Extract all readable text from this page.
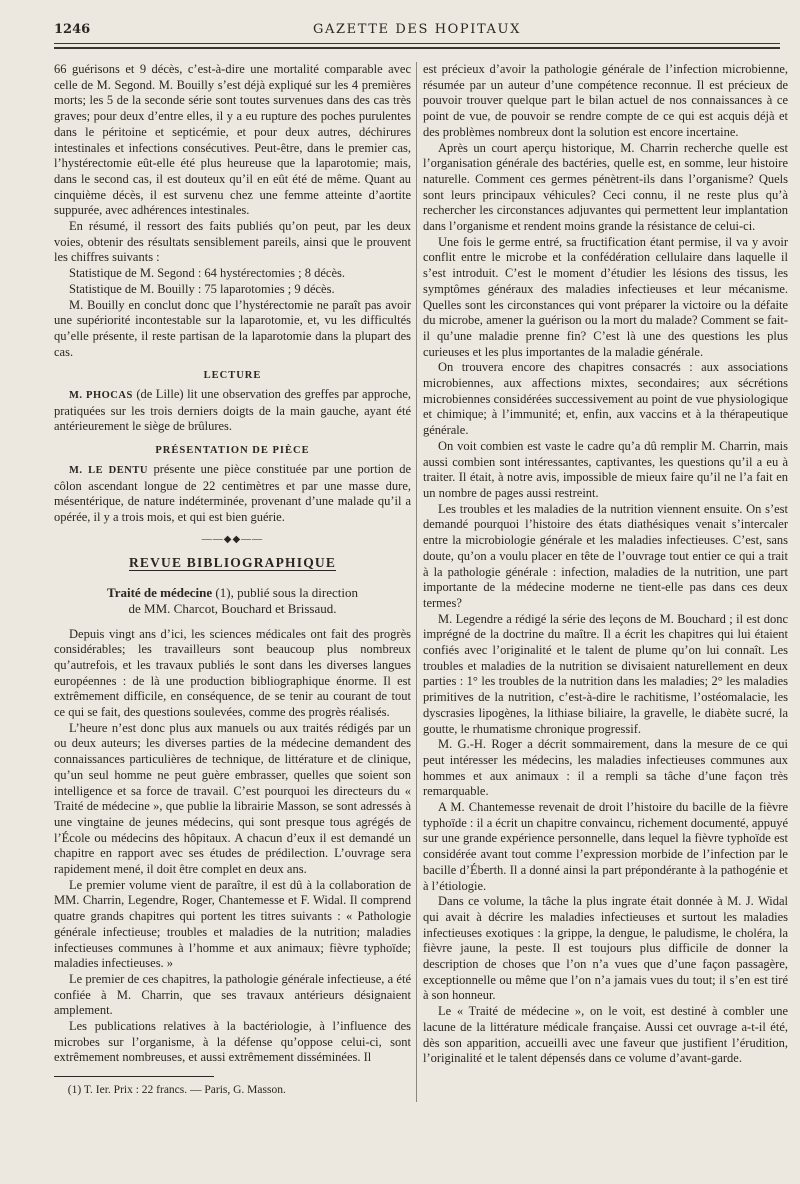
1246	GAZETTE DES HOPITAUX

66 guérisons et 9 décès, c’est-à-dire une mortalité comparable avec celle de M. Segond. M. Bouilly s’est déjà expliqué sur les 4 premières morts; les 5 de la seconde série sont toutes survenues dans des cas très graves; pour deux d’entre elles, il y a eu rupture des poches purulentes dans le péritoine et septicémie, et pour deux autres, déchirures intestinales et infections consécutives. Peut-être, dans le premier cas, l’hystérectomie eût-elle été plus heureuse que la laparotomie; mais, dans le second cas, il est douteux qu’il en eût été de même. Quant au cinquième décès, il est survenu chez une femme atteinte d’aortite suppurée, avec adhérences intestinales.

En résumé, il ressort des faits publiés qu’on peut, par les deux voies, obtenir des résultats sensiblement pareils, ainsi que le prouvent les chiffres suivants :

Statistique de M. Segond : 64 hystérectomies ; 8 décès.

Statistique de M. Bouilly : 75 laparotomies ; 9 décès.

M. Bouilly en conclut donc que l’hystérectomie ne paraît pas avoir une supériorité incontestable sur la laparotomie, et, vu les difficultés qu’elle présente, il reste partisan de la laparotomie dans la plupart des cas.

LECTURE

M. PHOCAS (de Lille) lit une observation des greffes par approche, pratiquées sur les trois derniers doigts de la main gauche, ayant été antérieurement le siège de brûlures.

PRÉSENTATION DE PIÈCE

M. LE DENTU présente une pièce constituée par une portion de côlon ascendant longue de 22 centimètres et par une masse dure, mésentérique, de nature indéterminée, provenant d’une malade qu’il a opérée, il y a trois mois, et qui est bien guérie.

——◆◆——
REVUE BIBLIOGRAPHIQUE
Traité de médecine (1), publié sous la direction
de MM. Charcot, Bouchard et Brissaud.

Depuis vingt ans d’ici, les sciences médicales ont fait des progrès considérables; les travailleurs sont beaucoup plus nombreux qu’autrefois, et les travaux publiés le sont dans les diverses langues européennes : de là une production bibliographique énorme. Il est extrêmement difficile, en conséquence, de se tenir au courant de tout ce qui se fait, des questions soulevées, comme des progrès réalisés.

L’heure n’est donc plus aux manuels ou aux traités rédigés par un ou deux auteurs; les diverses parties de la médecine demandent des connaissances particulières de technique, de littérature et de clinique, qu’un seul homme ne peut guère embrasser, quelles que soient son intelligence et sa force de travail. C’est pourquoi les directeurs du « Traité de médecine », que publie la librairie Masson, se sont adressés à une vingtaine de jeunes médecins, qui sont presque tous agrégés de l’École ou médecins des hôpitaux. A chacun d’eux il est demandé un chapitre en rapport avec ses études de prédilection. L’ouvrage sera rapidement mené, il doit être complet en deux ans.

Le premier volume vient de paraître, il est dû à la collaboration de MM. Charrin, Legendre, Roger, Chantemesse et F. Widal. Il comprend quatre grands chapitres qui portent les titres suivants : « Pathologie générale infectieuse; troubles et maladies de la nutrition; maladies infectieuses communes à l’homme et aux animaux; fièvre typhoïde; maladies infectieuses. »

Le premier de ces chapitres, la pathologie générale infectieuse, a été confiée à M. Charrin, que ses travaux antérieurs désignaient amplement.

Les publications relatives à la bactériologie, à l’influence des microbes sur l’organisme, à la défense qu’oppose celui-ci, sont extrêmement nombreuses, et aussi extrêmement disséminées. Il

(1) T. Ier. Prix : 22 francs. — Paris, G. Masson.

est précieux d’avoir la pathologie générale de l’infection microbienne, résumée par un auteur d’une compétence reconnue. Il est précieux de pouvoir trouver quelque part le bilan actuel de nos connaissances à ce point de vue, de pouvoir se rendre compte de ce qui est acquis déjà et des problèmes nombreux dont la solution est encore incertaine.

Après un court aperçu historique, M. Charrin recherche quelle est l’organisation générale des bactéries, quelle est, en somme, leur histoire naturelle. Comment ces germes pénètrent-ils dans l’organisme? Quels sont leurs principaux véhicules? Ceci connu, il ne reste plus qu’à rechercher les circonstances adjuvantes qui permettent leur implantation dans l’organisme et rendent moins grande la résistance de celui-ci.

Une fois le germe entré, sa fructification étant permise, il va y avoir conflit entre le microbe et la confédération cellulaire dans laquelle il s’est introduit. C’est le moment d’étudier les lésions des tissus, les symptômes généraux des maladies infectieuses et leur mécanisme. Quelles sont les circonstances qui vont préparer la victoire ou la défaite du microbe, amener la guérison ou la mort du malade? Comment se fait-il qu’une maladie prenne fin? C’est là une des questions les plus curieuses et les plus importantes de la maladie générale.

On trouvera encore des chapitres consacrés : aux associations microbiennes, aux affections mixtes, secondaires; aux sécrétions microbiennes considérées successivement au point de vue physiologique et chimique; à l’immunité; et, enfin, aux vaccins et à la thérapeutique générale.

On voit combien est vaste le cadre qu’a dû remplir M. Charrin, mais aussi combien sont intéressantes, captivantes, les questions qu’il a eu à traiter. Il était, à notre avis, impossible de mieux faire qu’il ne l’a fait en un nombre de pages aussi restreint.

Les troubles et les maladies de la nutrition viennent ensuite. On s’est demandé pourquoi l’histoire des états diathésiques venait s’intercaler entre la microbiologie générale et les maladies infectieuses. C’est, sans doute, qu’on a voulu placer en tête de l’ouvrage tout entier ce qui a trait à la pathologie générale : infection, maladies de la nutrition, une part importante de la médecine moderne ne tient-elle pas dans ces deux termes?

M. Legendre a rédigé la série des leçons de M. Bouchard ; il est donc imprégné de la doctrine du maître. Il a écrit les chapitres qui lui étaient confiés avec l’originalité et le talent de plume qu’on lui connaît. Les troubles et maladies de la nutrition se divisaient naturellement en deux parties : 1° les troubles de la nutrition dans les maladies; 2° les maladies primitives de la nutrition, c’est-à-dire le rachitisme, l’ostéomalacie, les dyscrasies lipogènes, la lithiase biliaire, la gravelle, le diabète sucré, la goutte, le rhumatisme chronique progressif.

M. G.-H. Roger a décrit sommairement, dans la mesure de ce qui peut intéresser les médecins, les maladies infectieuses communes aux hommes et aux animaux : il a rempli sa tâche d’une façon très remarquable.

A M. Chantemesse revenait de droit l’histoire du bacille de la fièvre typhoïde : il a écrit un chapitre convaincu, richement documenté, appuyé sur une grande expérience personnelle, dans lequel la fièvre typhoïde est considérée avant tout comme l’expression morbide de l’infection par le bacille d’Éberth. Il a donné ainsi la part prépondérante à la pathogénie et à l’étiologie.

Dans ce volume, la tâche la plus ingrate était donnée à M. J. Widal qui avait à décrire les maladies infectieuses et surtout les maladies infectieuses exotiques : la grippe, la dengue, le paludisme, le choléra, la fièvre jaune, la peste. Il est toujours plus difficile de donner la description de choses que l’on n’a vues que d’une façon passagère, exceptionnelle ou même que l’on n’a jamais vues du tout; il s’en est tiré à son honneur.

Le « Traité de médecine », on le voit, est destiné à combler une lacune de la littérature médicale française. Aussi cet ouvrage a-t-il été, dès son apparition, accueilli avec une faveur que justifient l’érudition, l’originalité et le talent dépensés dans ce volume d’avant-garde.
